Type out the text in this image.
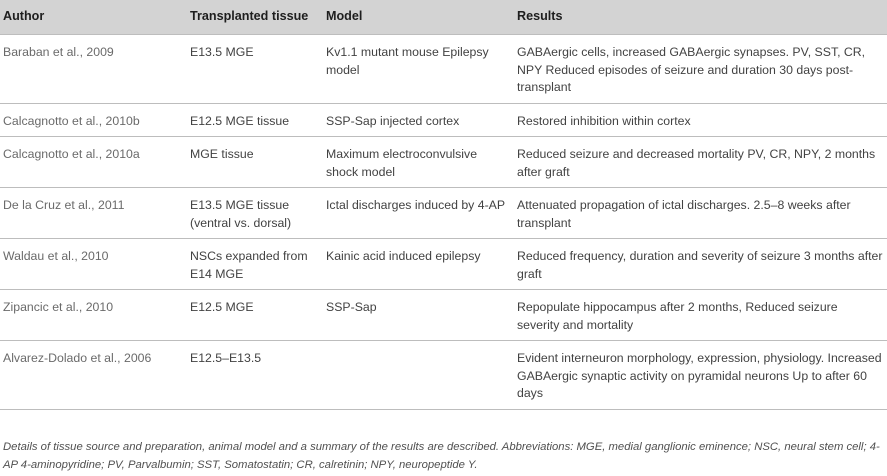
Author	Transplanted tissue	Model	Results
Baraban et al., 2009	E13.5 MGE	Kv1.1 mutant mouse Epilepsy model	GABAergic cells, increased GABAergic synapses. PV, SST, CR, NPY Reduced episodes of seizure and duration 30 days post-transplant
Calcagnotto et al., 2010b	E12.5 MGE tissue	SSP-Sap injected cortex	Restored inhibition within cortex
Calcagnotto et al., 2010a	MGE tissue	Maximum electroconvulsive shock model	Reduced seizure and decreased mortality PV, CR, NPY, 2 months after graft
De la Cruz et al., 2011	E13.5 MGE tissue (ventral vs. dorsal)	Ictal discharges induced by 4-AP	Attenuated propagation of ictal discharges. 2.5–8 weeks after transplant
Waldau et al., 2010	NSCs expanded from E14 MGE	Kainic acid induced epilepsy	Reduced frequency, duration and severity of seizure 3 months after graft
Zipancic et al., 2010	E12.5 MGE	SSP-Sap	Repopulate hippocampus after 2 months, Reduced seizure severity and mortality
Alvarez-Dolado et al., 2006	E12.5–E13.5		Evident interneuron morphology, expression, physiology. Increased GABAergic synaptic activity on pyramidal neurons Up to after 60 days
Details of tissue source and preparation, animal model and a summary of the results are described. Abbreviations: MGE, medial ganglionic eminence; NSC, neural stem cell; 4-AP 4-aminopyridine; PV, Parvalbumin; SST, Somatostatin; CR, calretinin; NPY, neuropeptide Y.
